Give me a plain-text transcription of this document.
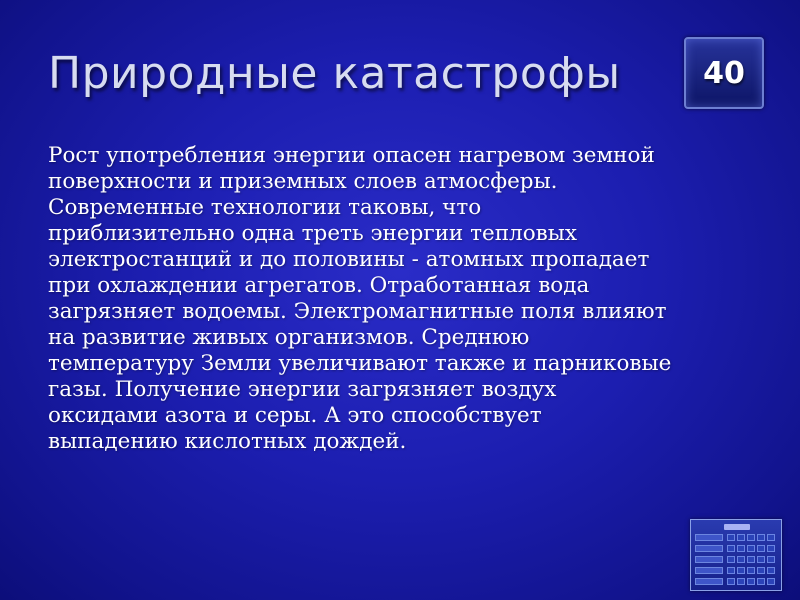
Природные катастрофы	40
Рост употребления энергии опасен нагревом земной
поверхности и приземных слоев атмосферы.
Современные технологии таковы, что
приблизительно одна треть энергии тепловых
электростанций и до половины - атомных пропадает
при охлаждении агрегатов. Отработанная вода
загрязняет водоемы. Электромагнитные поля влияют
на развитие живых организмов. Среднюю
температуру Земли увеличивают также и парниковые
газы. Получение энергии загрязняет воздух
оксидами азота и серы. А это способствует
выпадению кислотных дождей.
